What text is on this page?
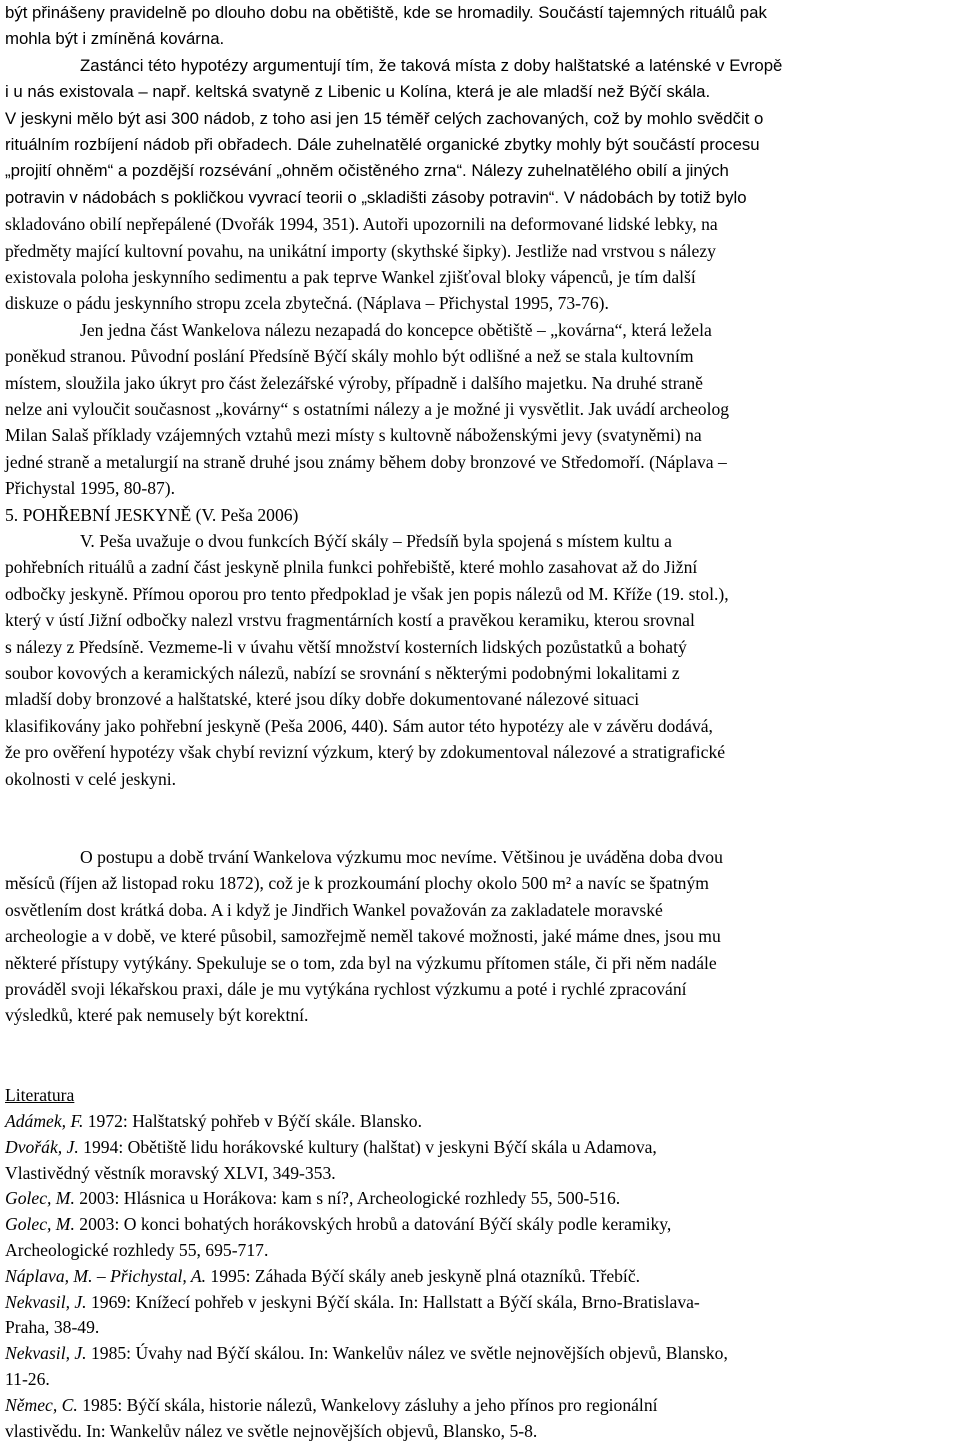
být přinášeny pravidelně po dlouho dobu na obětiště, kde se hromadily. Součástí tajemných rituálů pak
mohla být i zmíněná kovárna.
Zastánci této hypotézy argumentují tím, že taková místa z doby halštatské a laténské v Evropě
i u nás existovala – např. keltská svatyně z Libenic u Kolína, která je ale mladší než Býčí skála.
V jeskyni mělo být asi 300 nádob, z toho asi jen 15 téměř celých zachovaných, což by mohlo svědčit o
rituálním rozbíjení nádob při obřadech. Dále zuhelnatělé organické zbytky mohly být součástí procesu
„projití ohněm“ a pozdější rozsévání „ohněm očistěného zrna“. Nálezy zuhelnatělého obilí a jiných
potravin v nádobách s pokličkou vyvrací teorii o „skladišti zásoby potravin“. V nádobách by totiž bylo
skladováno obilí nepřepálené (Dvořák 1994, 351). Autoři upozornili na deformované lidské lebky, na
předměty mající kultovní povahu, na unikátní importy (skythské šipky). Jestliže nad vrstvou s nálezy
existovala poloha jeskynního sedimentu a pak teprve Wankel zjišťoval bloky vápenců, je tím další
diskuze o pádu jeskynního stropu zcela zbytečná. (Náplava – Přichystal 1995, 73-76).
Jen jedna část Wankelova nálezu nezapadá do koncepce obětiště – „kovárna“, která ležela
poněkud stranou. Původní poslání Předsíně Býčí skály mohlo být odlišné a než se stala kultovním
místem, sloužila jako úkryt pro část železářské výroby, případně i dalšího majetku. Na druhé straně
nelze ani vyloučit současnost „kovárny“ s ostatními nálezy a je možné ji vysvětlit. Jak uvádí archeolog
Milan Salaš příklady vzájemných vztahů mezi místy s kultovně náboženskými jevy (svatyněmi) na
jedné straně a metalurgií na straně druhé jsou známy během doby bronzové ve Středomoří. (Náplava –
Přichystal 1995, 80-87).
5. POHŘEBNÍ JESKYNĚ (V. Peša 2006)
V. Peša uvažuje o dvou funkcích Býčí skály – Předsíň byla spojená s místem kultu a
pohřebních rituálů a zadní část jeskyně plnila funkci pohřebiště, které mohlo zasahovat až do Jižní
odbočky jeskyně. Přímou oporou pro tento předpoklad je však jen popis nálezů od M. Kříže (19. stol.),
který v ústí Jižní odbočky nalezl vrstvu fragmentárních kostí a pravěkou keramiku, kterou srovnal
s nálezy z Předsíně. Vezmeme-li v úvahu větší množství kosterních lidských pozůstatků a bohatý
soubor kovových a keramických nálezů, nabízí se srovnání s některými podobnými lokalitami z
mladší doby bronzové a halštatské, které jsou díky dobře dokumentované nálezové situaci
klasifikovány jako pohřební jeskyně (Peša 2006, 440). Sám autor této hypotézy ale v závěru dodává,
že pro ověření hypotézy však chybí revizní výzkum, který by zdokumentoval nálezové a stratigrafické
okolnosti v celé jeskyni.
O postupu a době trvání Wankelova výzkumu moc nevíme. Většinou je uváděna doba dvou
měsíců (říjen až listopad roku 1872), což je k prozkoumání plochy okolo 500 m² a navíc se špatným
osvětlením dost krátká doba. A i když je Jindřich Wankel považován za zakladatele moravské
archeologie a v době, ve které působil, samozřejmě neměl takové možnosti, jaké máme dnes, jsou mu
některé přístupy vytýkány. Spekuluje se o tom, zda byl na výzkumu přítomen stále, či při něm nadále
prováděl svoji lékařskou praxi, dále je mu vytýkána rychlost výzkumu a poté i rychlé zpracování
výsledků, které pak nemusely být korektní.
Literatura
Adámek, F. 1972: Halštatský pohřeb v Býčí skále. Blansko.
Dvořák, J. 1994: Obětiště lidu horákovské kultury (halštat) v jeskyni Býčí skála u Adamova,
Vlastivědný věstník moravský XLVI, 349-353.
Golec, M. 2003: Hlásnica u Horákova: kam s ní?, Archeologické rozhledy 55, 500-516.
Golec, M. 2003: O konci bohatých horákovských hrobů a datování Býčí skály podle keramiky,
Archeologické rozhledy 55, 695-717.
Náplava, M. – Přichystal, A. 1995: Záhada Býčí skály aneb jeskyně plná otazníků. Třebíč.
Nekvasil, J. 1969: Knížecí pohřeb v jeskyni Býčí skála. In: Hallstatt a Býčí skála, Brno-Bratislava-
Praha, 38-49.
Nekvasil, J. 1985: Úvahy nad Býčí skálou. In: Wankelův nález ve světle nejnovějších objevů, Blansko,
11-26.
Němec, C. 1985: Býčí skála, historie nálezů, Wankelovy zásluhy a jeho přínos pro regionální
vlastivědu. In: Wankelův nález ve světle nejnovějších objevů, Blansko, 5-8.
